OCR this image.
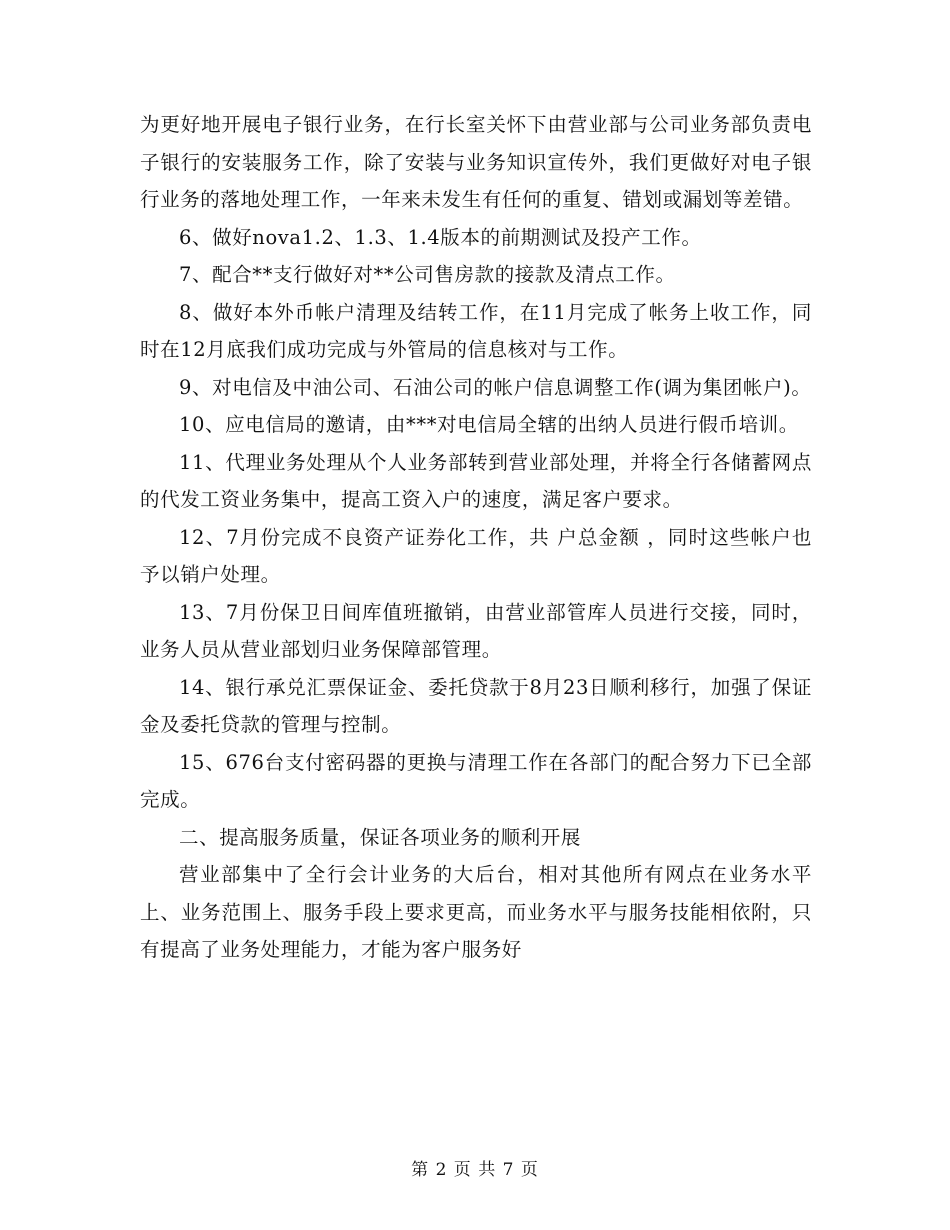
为更好地开展电子银行业务，在行长室关怀下由营业部与公司业务部负责电子银行的安装服务工作，除了安装与业务知识宣传外，我们更做好对电子银行业务的落地处理工作，一年来未发生有任何的重复、错划或漏划等差错。

6、做好nova1.2、1.3、1.4版本的前期测试及投产工作。

7、配合**支行做好对**公司售房款的接款及清点工作。

8、做好本外币帐户清理及结转工作，在11月完成了帐务上收工作，同时在12月底我们成功完成与外管局的信息核对与工作。

9、对电信及中油公司、石油公司的帐户信息调整工作(调为集团帐户)。

10、应电信局的邀请，由***对电信局全辖的出纳人员进行假币培训。

11、代理业务处理从个人业务部转到营业部处理，并将全行各储蓄网点的代发工资业务集中，提高工资入户的速度，满足客户要求。

12、7月份完成不良资产证券化工作，共 户总金额 ，同时这些帐户也予以销户处理。

13、7月份保卫日间库值班撤销，由营业部管库人员进行交接，同时，业务人员从营业部划归业务保障部管理。

14、银行承兑汇票保证金、委托贷款于8月23日顺利移行，加强了保证金及委托贷款的管理与控制。

15、676台支付密码器的更换与清理工作在各部门的配合努力下已全部完成。

二、提高服务质量，保证各项业务的顺利开展

营业部集中了全行会计业务的大后台，相对其他所有网点在业务水平上、业务范围上、服务手段上要求更高，而业务水平与服务技能相依附，只有提高了业务处理能力，才能为客户服务好

第 2 页 共 7 页
